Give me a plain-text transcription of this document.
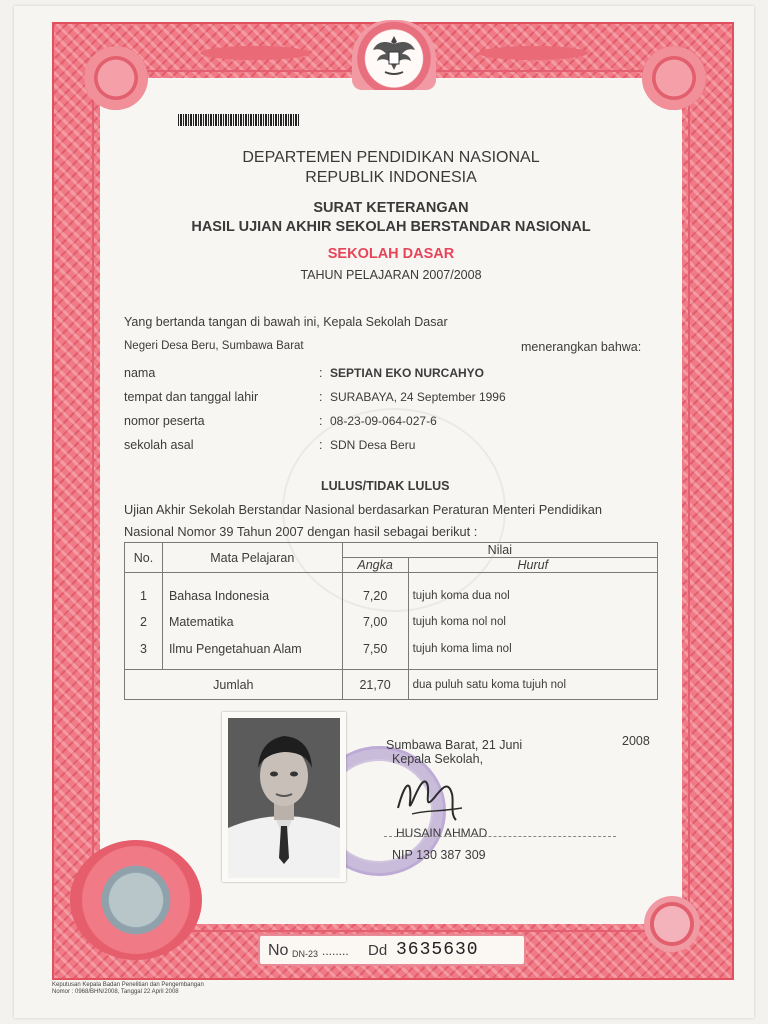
DEPARTEMEN PENDIDIKAN NASIONAL
REPUBLIK INDONESIA
SURAT KETERANGAN
HASIL UJIAN AKHIR SEKOLAH BERSTANDAR NASIONAL
SEKOLAH DASAR
TAHUN PELAJARAN 2007/2008
Yang bertanda tangan di bawah ini, Kepala Sekolah Dasar
Negeri Desa Beru, Sumbawa Barat	menerangkan bahwa:
nama	: SEPTIAN EKO NURCAHYO
tempat dan tanggal lahir	: SURABAYA, 24 September 1996
nomor peserta	: 08-23-09-064-027-6
sekolah asal	: SDN Desa Beru
LULUS/TIDAK LULUS
Ujian Akhir Sekolah Berstandar Nasional berdasarkan Peraturan Menteri Pendidikan
Nasional Nomor 39 Tahun 2007 dengan hasil sebagai berikut :
No.	Mata Pelajaran	Nilai	
		Angka	Huruf

1	Bahasa Indonesia	7,20	tujuh koma dua nol
2	Matematika	7,00	tujuh koma nol nol
3	Ilmu Pengetahuan Alam	7,50	tujuh koma lima nol

Jumlah		21,70	dua puluh satu koma tujuh nol
Sumbawa Barat, 21 Juni	2008
Kepala Sekolah,
HUSAIN AHMAD
NIP 130 387 309
No DN-23 ........ Dd 3635630
Keputusan Kepala Badan Penelitian dan Pengembangan
Nomor : 0968/BHN/2008, Tanggal 22 April 2008
